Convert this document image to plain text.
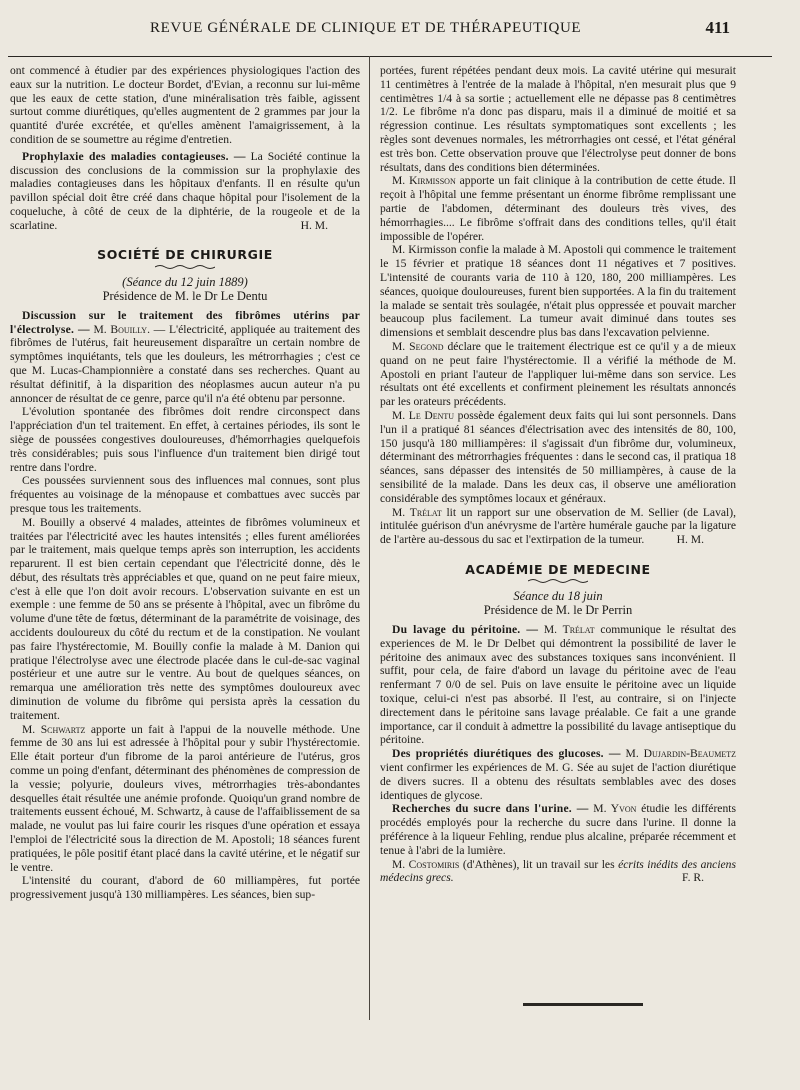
REVUE GÉNÉRALE DE CLINIQUE ET DE THÉRAPEUTIQUE	411

ont commencé à étudier par des expériences physiologiques l'action des eaux sur la nutrition. Le docteur Bordet, d'Evian, a reconnu sur lui-même que les eaux de cette station, d'une minéralisation très faible, agissent surtout comme diurétiques, qu'elles augmentent de 2 grammes par jour la quantité d'urée excrétée, et qu'elles amènent l'amaigrissement, à la condition de se soumettre au régime d'entretien.

Prophylaxie des maladies contagieuses. — La Société continue la discussion des conclusions de la commission sur la prophylaxie des maladies contagieuses dans les hôpitaux d'enfants. Il en résulte qu'un pavillon spécial doit être créé dans chaque hôpital pour l'isolement de la coqueluche, à côté de ceux de la diphtérie, de la rougeole et de la scarlatine.	H. M.

SOCIÉTÉ DE CHIRURGIE

(Séance du 12 juin 1889)

Présidence de M. le Dr Le Dentu

Discussion sur le traitement des fibrômes utérins par l'électrolyse. — M. Bouilly. — L'électricité, appliquée au traitement des fibrômes de l'utérus, fait heureusement disparaître un certain nombre de symptômes inquiétants, tels que les douleurs, les métrorrhagies ; c'est ce que M. Lucas-Championnière a constaté dans ses recherches. Quant au résultat définitif, à la disparition des néoplasmes aucun auteur n'a pu annoncer de résultat de ce genre, parce qu'il n'a été obtenu par personne.

L'évolution spontanée des fibrômes doit rendre circonspect dans l'appréciation d'un tel traitement. En effet, à certaines périodes, ils sont le siège de poussées congestives douloureuses, d'hémorrhagies quelquefois très considérables; puis sous l'influence d'un traitement bien dirigé tout rentre dans l'ordre.

Ces poussées surviennent sous des influences mal connues, sont plus fréquentes au voisinage de la ménopause et combattues avec succès par presque tous les traitements.

M. Bouilly a observé 4 malades, atteintes de fibrômes volumineux et traitées par l'électricité avec les hautes intensités ; elles furent améliorées par le traitement, mais quelque temps après son interruption, les accidents reparurent. Il est bien certain cependant que l'électricité donne, dès le début, des résultats très appréciables et que, quand on ne peut faire mieux, c'est à elle que l'on doit avoir recours. L'observation suivante en est un exemple : une femme de 50 ans se présente à l'hôpital, avec un fibrôme du volume d'une tête de fœtus, déterminant de la paramétrite de voisinage, des accidents douloureux du côté du rectum et de la constipation. Ne voulant pas faire l'hystérectomie, M. Bouilly confie la malade à M. Danion qui pratique l'électrolyse avec une électrode placée dans le cul-de-sac vaginal postérieur et une autre sur le ventre. Au bout de quelques séances, on remarqua une amélioration très nette des symptômes douloureux avec diminution de volume du fibrôme qui persista après la cessation du traitement.

M. Schwartz apporte un fait à l'appui de la nouvelle méthode. Une femme de 30 ans lui est adressée à l'hôpital pour y subir l'hystérectomie. Elle était porteur d'un fibrome de la paroi antérieure de l'utérus, gros comme un poing d'enfant, déterminant des phénomènes de compression de la vessie; polyurie, douleurs vives, métrorrhagies très-abondantes desquelles était résultée une anémie profonde. Quoiqu'un grand nombre de traitements eussent échoué, M. Schwartz, à cause de l'affaiblissement de sa malade, ne voulut pas lui faire courir les risques d'une opération et essaya l'emploi de l'électricité sous la direction de M. Apostoli; 18 séances furent pratiquées, le pôle positif étant placé dans la cavité utérine, et le négatif sur le ventre.

L'intensité du courant, d'abord de 60 milliampères, fut portée progressivement jusqu'à 130 milliampères. Les séances, bien sup-

portées, furent répétées pendant deux mois. La cavité utérine qui mesurait 11 centimètres à l'entrée de la malade à l'hôpital, n'en mesurait plus que 9 centimètres 1/4 à sa sortie ; actuellement elle ne dépasse pas 8 centimètres 1/2. Le fibrôme n'a donc pas disparu, mais il a diminué de moitié et sa régression continue. Les résultats symptomatiques sont excellents ; les règles sont devenues normales, les métrorrhagies ont cessé, et l'état général est très bon. Cette observation prouve que l'électrolyse peut donner de bons résultats, dans des conditions bien déterminées.

M. Kirmisson apporte un fait clinique à la contribution de cette étude. Il reçoit à l'hôpital une femme présentant un énorme fibrôme remplissant une partie de l'abdomen, déterminant des douleurs très vives, des hémorrhagies.... Le fibrôme s'offrait dans des conditions telles, qu'il était impossible de l'opérer.

M. Kirmisson confie la malade à M. Apostoli qui commence le traitement le 15 février et pratique 18 séances dont 11 négatives et 7 positives. L'intensité de courants varia de 110 à 120, 180, 200 milliampères. Les séances, quoique douloureuses, furent bien supportées. A la fin du traitement la malade se sentait très soulagée, n'était plus oppressée et pouvait marcher beaucoup plus facilement. La tumeur avait diminué dans toutes ses dimensions et semblait descendre plus bas dans l'excavation pelvienne.

M. Segond déclare que le traitement électrique est ce qu'il y a de mieux quand on ne peut faire l'hystérectomie. Il a vérifié la méthode de M. Apostoli en priant l'auteur de l'appliquer lui-même dans son service. Les résultats ont été excellents et confirment pleinement les résultats annoncés par les orateurs précédents.

M. Le Dentu possède également deux faits qui lui sont personnels. Dans l'un il a pratiqué 81 séances d'électrisation avec des intensités de 80, 100, 150 jusqu'à 180 milliampères: il s'agissait d'un fibrôme dur, volumineux, déterminant des métrorrhagies fréquentes : dans le second cas, il pratiqua 18 séances, sans dépasser des intensités de 50 milliampères, à cause de la sensibilité de la malade. Dans les deux cas, il observe une amélioration considérable des symptômes locaux et généraux.

M. Trélat lit un rapport sur une observation de M. Sellier (de Laval), intitulée guérison d'un anévrysme de l'artère humérale gauche par la ligature de l'artère au-dessous du sac et l'extirpation de la tumeur.	H. M.

ACADÉMIE DE MEDECINE

Séance du 18 juin

Présidence de M. le Dr Perrin

Du lavage du péritoine. — M. Trélat communique le résultat des experiences de M. le Dr Delbet qui démontrent la possibilité de laver le péritoine des animaux avec des substances toxiques sans inconvénient. Il suffit, pour cela, de faire d'abord un lavage du péritoine avec de l'eau renfermant 7 0/0 de sel. Puis on lave ensuite le péritoine avec un liquide toxique, celui-ci n'est pas absorbé. Il l'est, au contraire, si on l'injecte directement dans le péritoine sans lavage préalable. Ce fait a une grande importance, car il conduit à admettre la possibilité du lavage antiseptique du péritoine.

Des propriétés diurétiques des glucoses. — M. Dujardin-Beaumetz vient confirmer les expériences de M. G. Sée au sujet de l'action diurétique de divers sucres. Il a obtenu des résultats semblables avec des doses identiques de glycose.

Recherches du sucre dans l'urine. — M. Yvon étudie les différents procédés employés pour la recherche du sucre dans l'urine. Il donne la préférence à la liqueur Fehling, rendue plus alcaline, préparée récemment et tenue à l'abri de la lumière.

M. Costomiris (d'Athènes), lit un travail sur les écrits inédits des anciens médecins grecs.	F. R.
